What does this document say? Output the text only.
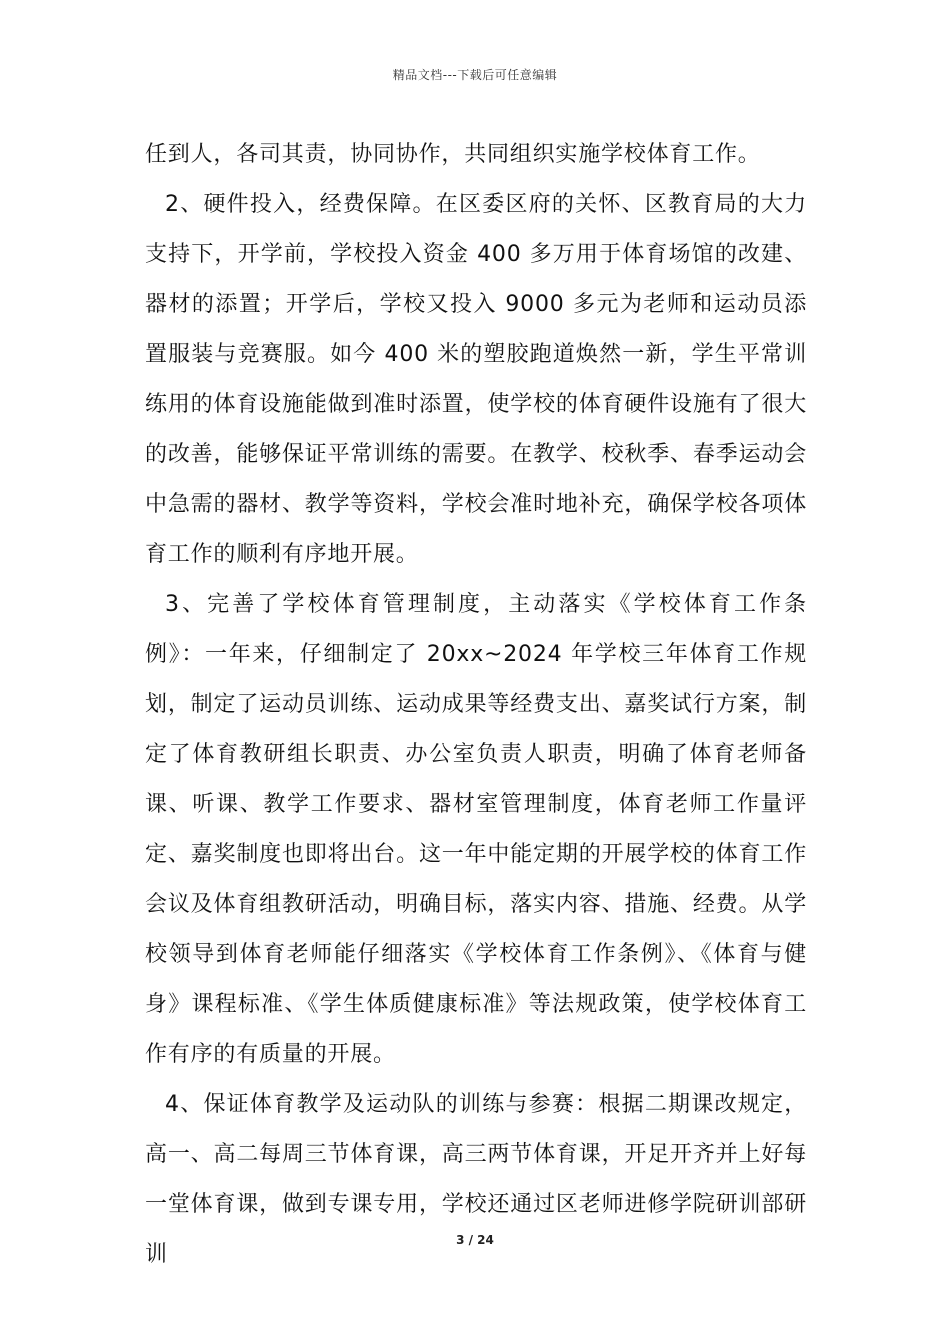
精品文档---下载后可任意编辑

任到人，各司其责，协同协作，共同组织实施学校体育工作。

2、硬件投入，经费保障。在区委区府的关怀、区教育局的大力支持下，开学前，学校投入资金 400 多万用于体育场馆的改建、器材的添置；开学后，学校又投入 9000 多元为老师和运动员添置服装与竞赛服。如今 400 米的塑胶跑道焕然一新，学生平常训练用的体育设施能做到准时添置，使学校的体育硬件设施有了很大的改善，能够保证平常训练的需要。在教学、校秋季、春季运动会中急需的器材、教学等资料，学校会准时地补充，确保学校各项体育工作的顺利有序地开展。

3、完善了学校体育管理制度，主动落实《学校体育工作条例》：一年来，仔细制定了 20xx~2024 年学校三年体育工作规划，制定了运动员训练、运动成果等经费支出、嘉奖试行方案，制定了体育教研组长职责、办公室负责人职责，明确了体育老师备课、听课、教学工作要求、器材室管理制度，体育老师工作量评定、嘉奖制度也即将出台。这一年中能定期的开展学校的体育工作会议及体育组教研活动，明确目标，落实内容、措施、经费。从学校领导到体育老师能仔细落实《学校体育工作条例》、《体育与健身》课程标准、《学生体质健康标准》等法规政策，使学校体育工作有序的有质量的开展。

4、保证体育教学及运动队的训练与参赛：根据二期课改规定，高一、高二每周三节体育课，高三两节体育课，开足开齐并上好每一堂体育课，做到专课专用，学校还通过区老师进修学院研训部研训

3 / 24
